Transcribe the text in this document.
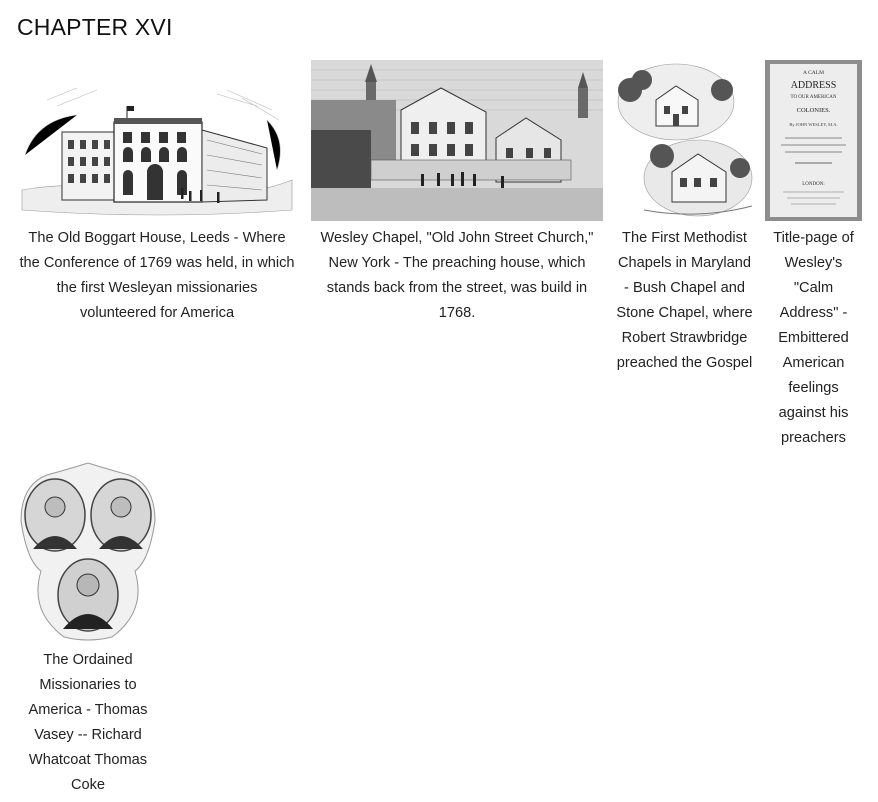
CHAPTER XVI
The Old Boggart House, Leeds - Where the Conference of 1769 was held, in which the first Wesleyan missionaries volunteered for America
Wesley Chapel, "Old John Street Church," New York - The preaching house, which stands back from the street, was build in 1768.
The First Methodist Chapels in Maryland - Bush Chapel and Stone Chapel, where Robert Strawbridge preached the Gospel
A CALM
ADDRESS
TO OUR AMERICAN
COLONIES.
By JOHN WESLEY, M.A.
LONDON:
Title-page of Wesley's "Calm Address" - Embittered American feelings against his preachers
The Ordained Missionaries to America - Thomas Vasey -- Richard Whatcoat Thomas Coke
